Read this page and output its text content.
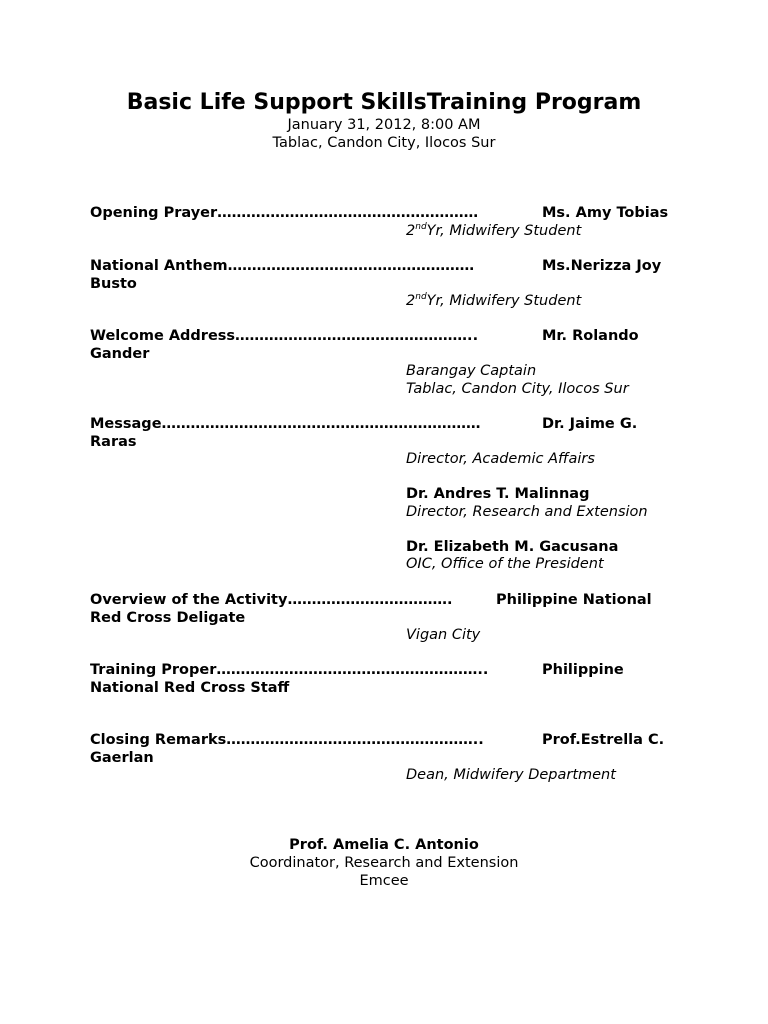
Basic Life Support SkillsTraining Program
January 31, 2012, 8:00 AM
Tablac, Candon City, Ilocos Sur
Opening Prayer………………………………………………	Ms. Amy Tobias
2ndYr, Midwifery Student
National Anthem……………………………………………	Ms.Nerizza Joy
Busto
2ndYr, Midwifery Student
Welcome Address…………………………………………..	Mr. Rolando
Gander
Barangay Captain
Tablac, Candon City, Ilocos Sur
Message…………………………………………………………	Dr. Jaime G.
Raras
Director, Academic Affairs
Dr. Andres T. Malinnag
Director, Research and Extension
Dr. Elizabeth M. Gacusana
OIC, Office of the President
Overview of the Activity…………………………….	Philippine National
Red Cross Deligate
Vigan City
Training Proper………………………………………………..	Philippine
National Red Cross Staff
Closing Remarks……………………………………………..	Prof.Estrella C.
Gaerlan
Dean, Midwifery Department
Prof. Amelia C. Antonio
Coordinator, Research and Extension
Emcee
